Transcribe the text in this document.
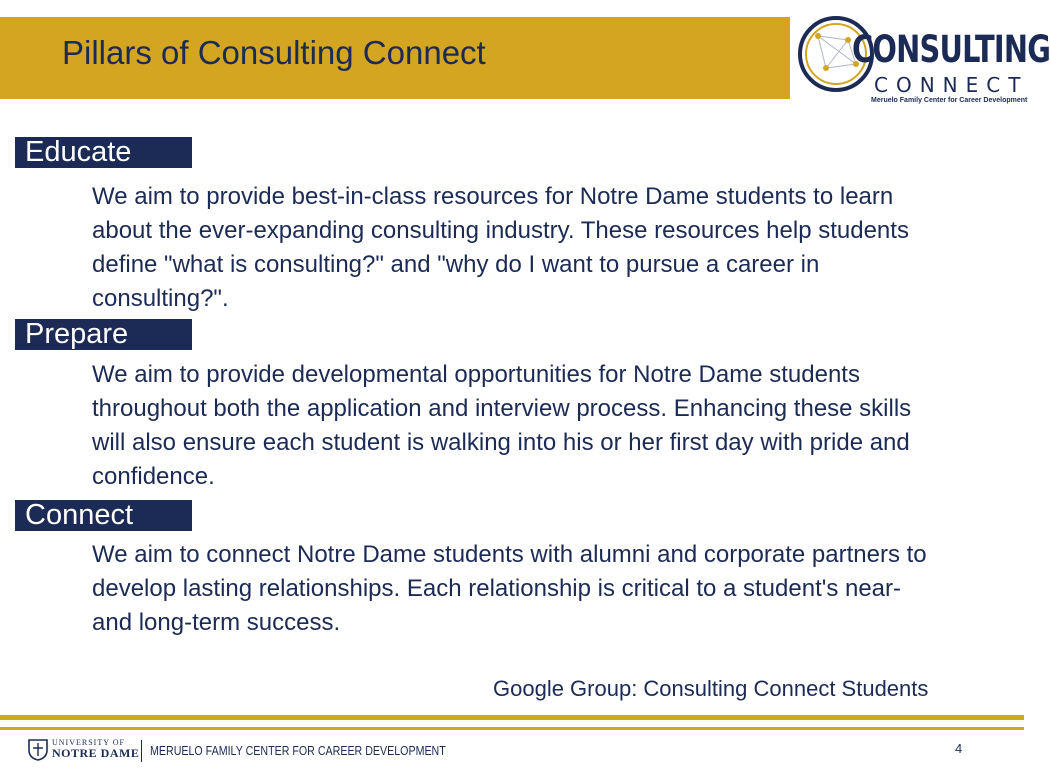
Pillars of Consulting Connect	CONSULTING
CONNECT
Meruelo Family Center for Career Development
Educate
We aim to provide best-in-class resources for Notre Dame students to learn about the ever-expanding consulting industry. These resources help students define "what is consulting?" and "why do I want to pursue a career in consulting?".
Prepare
We aim to provide developmental opportunities for Notre Dame students throughout both the application and interview process. Enhancing these skills will also ensure each student is walking into his or her first day with pride and confidence.
Connect
We aim to connect Notre Dame students with alumni and corporate partners to develop lasting relationships. Each relationship is critical to a student's near- and long-term success.
Google Group: Consulting Connect Students
UNIVERSITY OF
NOTRE DAME MERUELO FAMILY CENTER FOR CAREER DEVELOPMENT	4
